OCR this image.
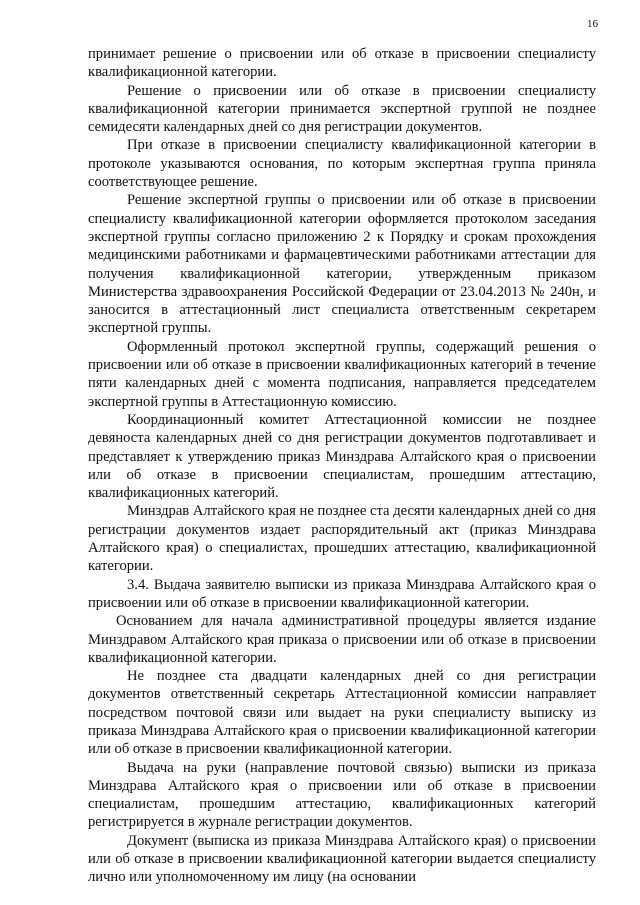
16

принимает решение о присвоении или об отказе в присвоении специалисту квалификационной категории.

Решение о присвоении или об отказе в присвоении специалисту квалификационной категории принимается экспертной группой не позднее семидесяти календарных дней со дня регистрации документов.

При отказе в присвоении специалисту квалификационной категории в протоколе указываются основания, по которым экспертная группа приняла соответствующее решение.

Решение экспертной группы о присвоении или об отказе в присвоении специалисту квалификационной категории оформляется протоколом заседания экспертной группы согласно приложению 2 к Порядку и срокам прохождения медицинскими работниками и фармацевтическими работниками аттестации для получения квалификационной категории, утвержденным приказом Министерства здравоохранения Российской Федерации от 23.04.2013 № 240н, и заносится в аттестационный лист специалиста ответственным секретарем экспертной группы.

Оформленный протокол экспертной группы, содержащий решения о присвоении или об отказе в присвоении квалификационных категорий в течение пяти календарных дней с момента подписания, направляется председателем экспертной группы в Аттестационную комиссию.

Координационный комитет Аттестационной комиссии не позднее девяноста календарных дней со дня регистрации документов подготавливает и представляет к утверждению приказ Минздрава Алтайского края о присвоении или об отказе в присвоении специалистам, прошедшим аттестацию, квалификационных категорий.

Минздрав Алтайского края не позднее ста десяти календарных дней со дня регистрации документов издает распорядительный акт (приказ Минздрава Алтайского края) о специалистах, прошедших аттестацию, квалификационной категории.

3.4. Выдача заявителю выписки из приказа Минздрава Алтайского края о присвоении или об отказе в присвоении квалификационной категории.

Основанием для начала административной процедуры является издание Минздравом Алтайского края приказа о присвоении или об отказе в присвоении квалификационной категории.

Не позднее ста двадцати календарных дней со дня регистрации документов ответственный секретарь Аттестационной комиссии направляет посредством почтовой связи или выдает на руки специалисту выписку из приказа Минздрава Алтайского края о присвоении квалификационной категории или об отказе в присвоении квалификационной категории.

Выдача на руки (направление почтовой связью) выписки из приказа Минздрава Алтайского края о присвоении или об отказе в присвоении специалистам, прошедшим аттестацию, квалификационных категорий регистрируется в журнале регистрации документов.

Документ (выписка из приказа Минздрава Алтайского края) о присвоении или об отказе в присвоении квалификационной категории выдается специалисту лично или уполномоченному им лицу (на основании
